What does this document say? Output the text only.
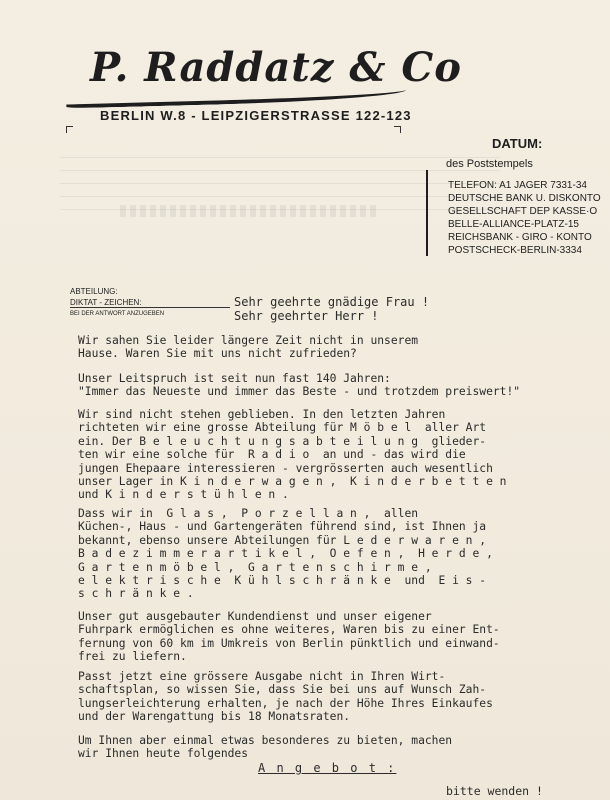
P. Raddatz & Co
BERLIN W.8 - LEIPZIGERSTRASSE 122-123
DATUM:
des Poststempels
TELEFON: A1 JAGER 7331-34
DEUTSCHE BANK U. DISKONTO
GESELLSCHAFT DEP KASSE·O
BELLE-ALLIANCE-PLATZ-15
REICHSBANK - GIRO - KONTO
POSTSCHECK-BERLIN-3334
ABTEILUNG:
DIKTAT - ZEICHEN:
BEI DER ANTWORT ANZUGEBEN
Sehr geehrte gnädige Frau !
Sehr geehrter Herr !
Wir sahen Sie leider längere Zeit nicht in unserem
Hause. Waren Sie mit uns nicht zufrieden?
Unser Leitspruch ist seit nun fast 140 Jahren:
"Immer das Neueste und immer das Beste - und trotzdem preiswert!"
Wir sind nicht stehen geblieben. In den letzten Jahren
richteten wir eine grosse Abteilung für M ö b e l  aller Art
ein. Der B e l e u c h t u n g s a b t e i l u n g  glieder-
ten wir eine solche für  R a d i o  an und - das wird die
jungen Ehepaare interessieren - vergrösserten auch wesentlich
unser Lager in K i n d e r w a g e n ,  K i n d e r b e t t e n
und K i n d e r s t ü h l e n .
Dass wir in  G l a s ,  P o r z e l l a n ,  allen
Küchen-, Haus - und Gartengeräten führend sind, ist Ihnen ja
bekannt, ebenso unsere Abteilungen für L e d e r w a r e n ,
B a d e z i m m e r a r t i k e l ,  O e f e n ,  H e r d e ,
G a r t e n m ö b e l ,  G a r t e n s c h i r m e ,
e l e k t r i s c h e  K ü h l s c h r ä n k e  und  E i s -
s c h r ä n k e .
Unser gut ausgebauter Kundendienst und unser eigener
Fuhrpark ermöglichen es ohne weiteres, Waren bis zu einer Ent-
fernung von 60 km im Umkreis von Berlin pünktlich und einwand-
frei zu liefern.
Passt jetzt eine grössere Ausgabe nicht in Ihren Wirt-
schaftsplan, so wissen Sie, dass Sie bei uns auf Wunsch Zah-
lungserleichterung erhalten, je nach der Höhe Ihres Einkaufes
und der Warengattung bis 18 Monatsraten.
Um Ihnen aber einmal etwas besonderes zu bieten, machen
wir Ihnen heute folgendes
A n g e b o t :
bitte wenden !
